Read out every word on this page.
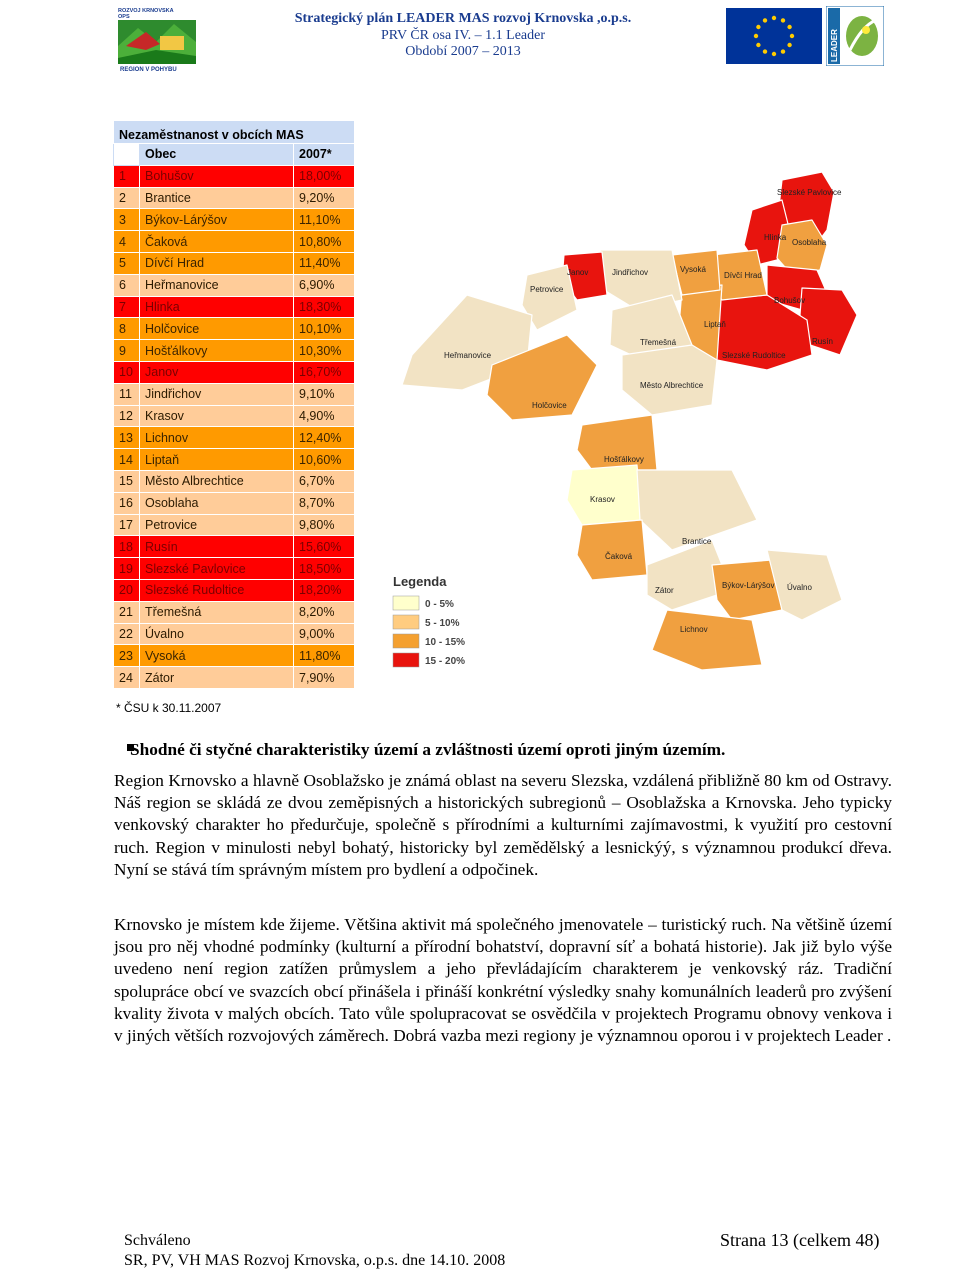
ROZVOJ KRNOVSKA
OPS
REGION V POHYBU
Strategický plán LEADER MAS rozvoj Krnovska ,o.p.s.
PRV ČR osa IV. – 1.1 Leader
Období 2007 – 2013	LEADER
Nezaměstnanost v obcích MAS		
	Obec	2007*
1	Bohušov	18,00%
2	Brantice	9,20%
3	Býkov-Lárýšov	11,10%
4	Čaková	10,80%
5	Dívčí Hrad	11,40%
6	Heřmanovice	6,90%
7	Hlinka	18,30%
8	Holčovice	10,10%
9	Hošťálkovy	10,30%
10	Janov	16,70%
11	Jindřichov	9,10%
12	Krasov	4,90%
13	Lichnov	12,40%
14	Liptaň	10,60%
15	Město Albrechtice	6,70%
16	Osoblaha	8,70%
17	Petrovice	9,80%
18	Rusín	15,60%
19	Slezské Pavlovice	18,50%
20	Slezské Rudoltice	18,20%
21	Třemešná	8,20%
22	Úvalno	9,00%
23	Vysoká	11,80%
24	Zátor	7,90%
* ČSU k 30.11.2007
Slezské Pavlovice
Hlinka
Osoblaha
Janov	Jindřichov	Vysoká
Dívčí Hrad
Petrovice
Bohušov
Rusín
Liptaň
Slezské Rudoltice
Třemešná
Heřmanovice
Město Albrechtice
Holčovice
Hošťálkovy
Krasov
Brantice
Čaková
Býkov-Lárýšov
Zátor	Úvalno
Lichnov
Legenda
0 - 5%
5 - 10%
10 - 15%
15 - 20%
Shodné či styčné charakteristiky území a zvláštnosti území oproti jiným územím.
Region Krnovsko a hlavně Osoblažsko je známá oblast na severu Slezska, vzdálená přibližně 80 km od Ostravy. Náš region se skládá ze dvou zeměpisných a historických subregionů – Osoblažska a Krnovska. Jeho typicky venkovský charakter ho předurčuje, společně s přírodními a kulturními zajímavostmi, k využití pro cestovní ruch. Region v minulosti nebyl bohatý, historicky byl zemědělský a lesnickýý, s významnou produkcí dřeva. Nyní se stává tím správným místem pro bydlení a odpočinek.
Krnovsko je místem kde žijeme. Většina aktivit má společného jmenovatele – turistický ruch. Na většině území jsou pro něj vhodné podmínky (kulturní a přírodní bohatství, dopravní síť a bohatá historie). Jak již bylo výše uvedeno není region zatížen průmyslem a jeho převládajícím charakterem je venkovský ráz. Tradiční spolupráce obcí ve svazcích obcí přinášela i přináší konkrétní výsledky snahy komunálních leaderů pro zvýšení kvality života v malých obcích. Tato vůle spolupracovat se osvědčila v projektech Programu obnovy venkova i v jiných větších rozvojových záměrech. Dobrá vazba mezi regiony je významnou oporou i v projektech Leader .
Schváleno
SR, PV, VH MAS Rozvoj Krnovska, o.p.s. dne 14.10. 2008
Strana 13 (celkem 48)
